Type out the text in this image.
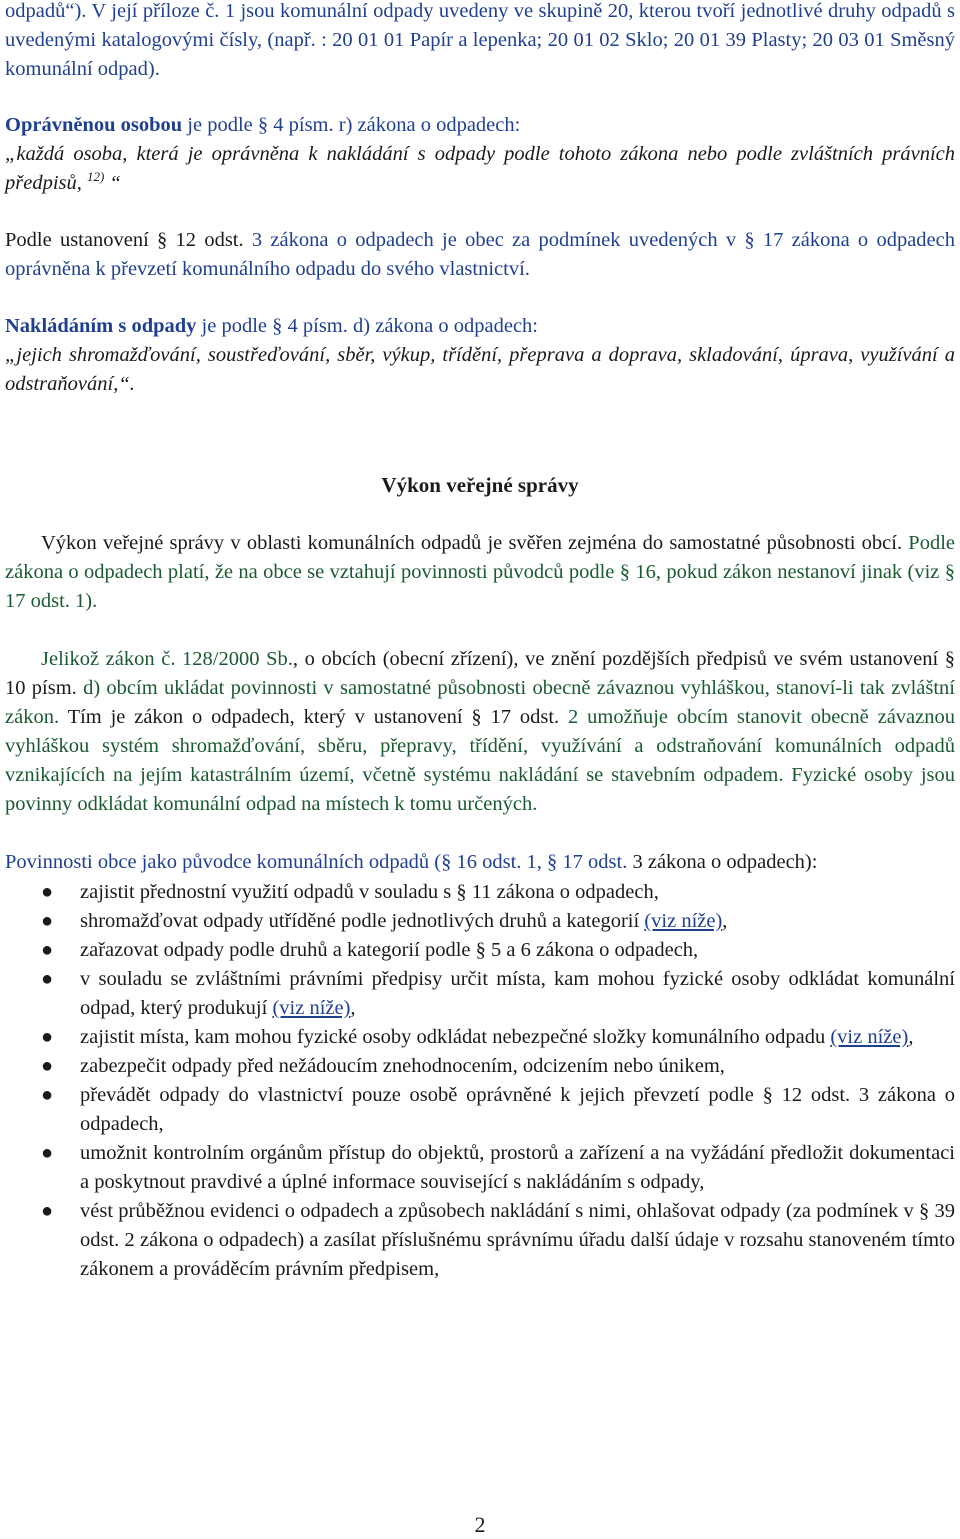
odpadů“). V její příloze č. 1 jsou komunální odpady uvedeny ve skupině 20, kterou tvoří jednotlivé druhy odpadů s uvedenými katalogovými čísly, (např. : 20 01 01 Papír a lepenka; 20 01 02 Sklo; 20 01 39 Plasty; 20 03 01 Směsný komunální odpad).

Oprávněnou osobou je podle § 4 písm. r) zákona o odpadech:
„každá osoba, která je oprávněna k nakládání s odpady podle tohoto zákona nebo podle zvláštních právních předpisů, $^{12)}$ “

Podle ustanovení § 12 odst. 3 zákona o odpadech je obec za podmínek uvedených v § 17 zákona o odpadech oprávněna k převzetí komunálního odpadu do svého vlastnictví.

Nakládáním s odpady je podle § 4 písm. d) zákona o odpadech:
„jejich shromažďování, soustřeďování, sběr, výkup, třídění, přeprava a doprava, skladování, úprava, využívání a odstraňování,“.

Výkon veřejné správy

Výkon veřejné správy v oblasti komunálních odpadů je svěřen zejména do samostatné působnosti obcí. Podle zákona o odpadech platí, že na obce se vztahují povinnosti původců podle § 16, pokud zákon nestanoví jinak (viz § 17 odst. 1).

Jelikož zákon č. 128/2000 Sb., o obcích (obecní zřízení), ve znění pozdějších předpisů ve svém ustanovení § 10 písm. d) obcím ukládat povinnosti v samostatné působnosti obecně závaznou vyhláškou, stanoví-li tak zvláštní zákon. Tím je zákon o odpadech, který v ustanovení § 17 odst. 2 umožňuje obcím stanovit obecně závaznou vyhláškou systém shromažďování, sběru, přepravy, třídění, využívání a odstraňování komunálních odpadů vznikajících na jejím katastrálním území, včetně systému nakládání se stavebním odpadem. Fyzické osoby jsou povinny odkládat komunální odpad na místech k tomu určených.

Povinnosti obce jako původce komunálních odpadů (§ 16 odst. 1, § 17 odst. 3 zákona o odpadech):

● zajistit přednostní využití odpadů v souladu s § 11 zákona o odpadech,
● shromažďovat odpady utříděné podle jednotlivých druhů a kategorií (viz níže),
● zařazovat odpady podle druhů a kategorií podle § 5 a 6 zákona o odpadech,
● v souladu se zvláštními právními předpisy určit místa, kam mohou fyzické osoby odkládat komunální odpad, který produkují (viz níže),
● zajistit místa, kam mohou fyzické osoby odkládat nebezpečné složky komunálního odpadu (viz níže),
● zabezpečit odpady před nežádoucím znehodnocením, odcizením nebo únikem,
● převádět odpady do vlastnictví pouze osobě oprávněné k jejich převzetí podle § 12 odst. 3 zákona o odpadech,
● umožnit kontrolním orgánům přístup do objektů, prostorů a zařízení a na vyžádání předložit dokumentaci a poskytnout pravdivé a úplné informace související s nakládáním s odpady,
● vést průběžnou evidenci o odpadech a způsobech nakládání s nimi, ohlašovat odpady (za podmínek v § 39 odst. 2 zákona o odpadech) a zasílat příslušnému správnímu úřadu další údaje v rozsahu stanoveném tímto zákonem a prováděcím právním předpisem,
2
